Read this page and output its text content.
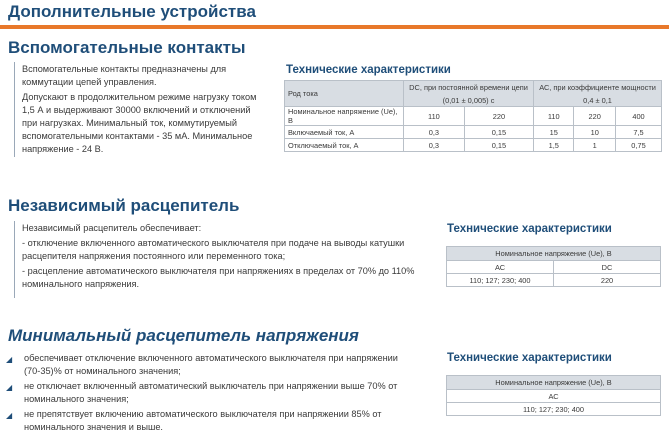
Дополнительные устройства
Вспомогательные контакты

Вспомогательные контакты предназначены для коммутации цепей управления.

Допускают в продолжительном режиме нагрузку током 1,5 А и выдерживают 30000 включений и отключений при нагрузках. Минимальный ток, коммутируемый вспомогательными контактами - 35 мА. Минимальное напряжение - 24 В.

Технические характеристики
Род тока	DC, при постоянной времени цепи		АС, при коэффициенте мощности		
	(0,01 ± 0,005) с		0,4 ± 0,1		
Номинальное напряжение (Ue), В	110	220	110	220	400
Включаемый ток, А	0,3	0,15	15	10	7,5
Отключаемый ток, А	0,3	0,15	1,5	1	0,75
Независимый расцепитель

Независимый расцепитель обеспечивает:

- отключение включенного автоматического выключателя при подаче на выводы катушки расцепителя напряжения постоянного или переменного тока;

- расцепление автоматического выключателя при напряжениях в пределах от 70% до 110% номинального напряжения.

Технические характеристики
Номинальное напряжение (Ue), В	
АС	DC
110; 127; 230; 400	220
Минимальный расцепитель напряжения

◢ обеспечивает отключение включенного автоматического выключателя при напряжении (70-35)% от номинального значения;

◢ не отключает включенный автоматический выключатель при напряжении выше 70% от номинального значения;

◢ не препятствует включению автоматического выключателя при напряжении 85% от номинального значения и выше.

Технические характеристики
Номинальное напряжение (Ue), В
АС
110; 127; 230; 400
